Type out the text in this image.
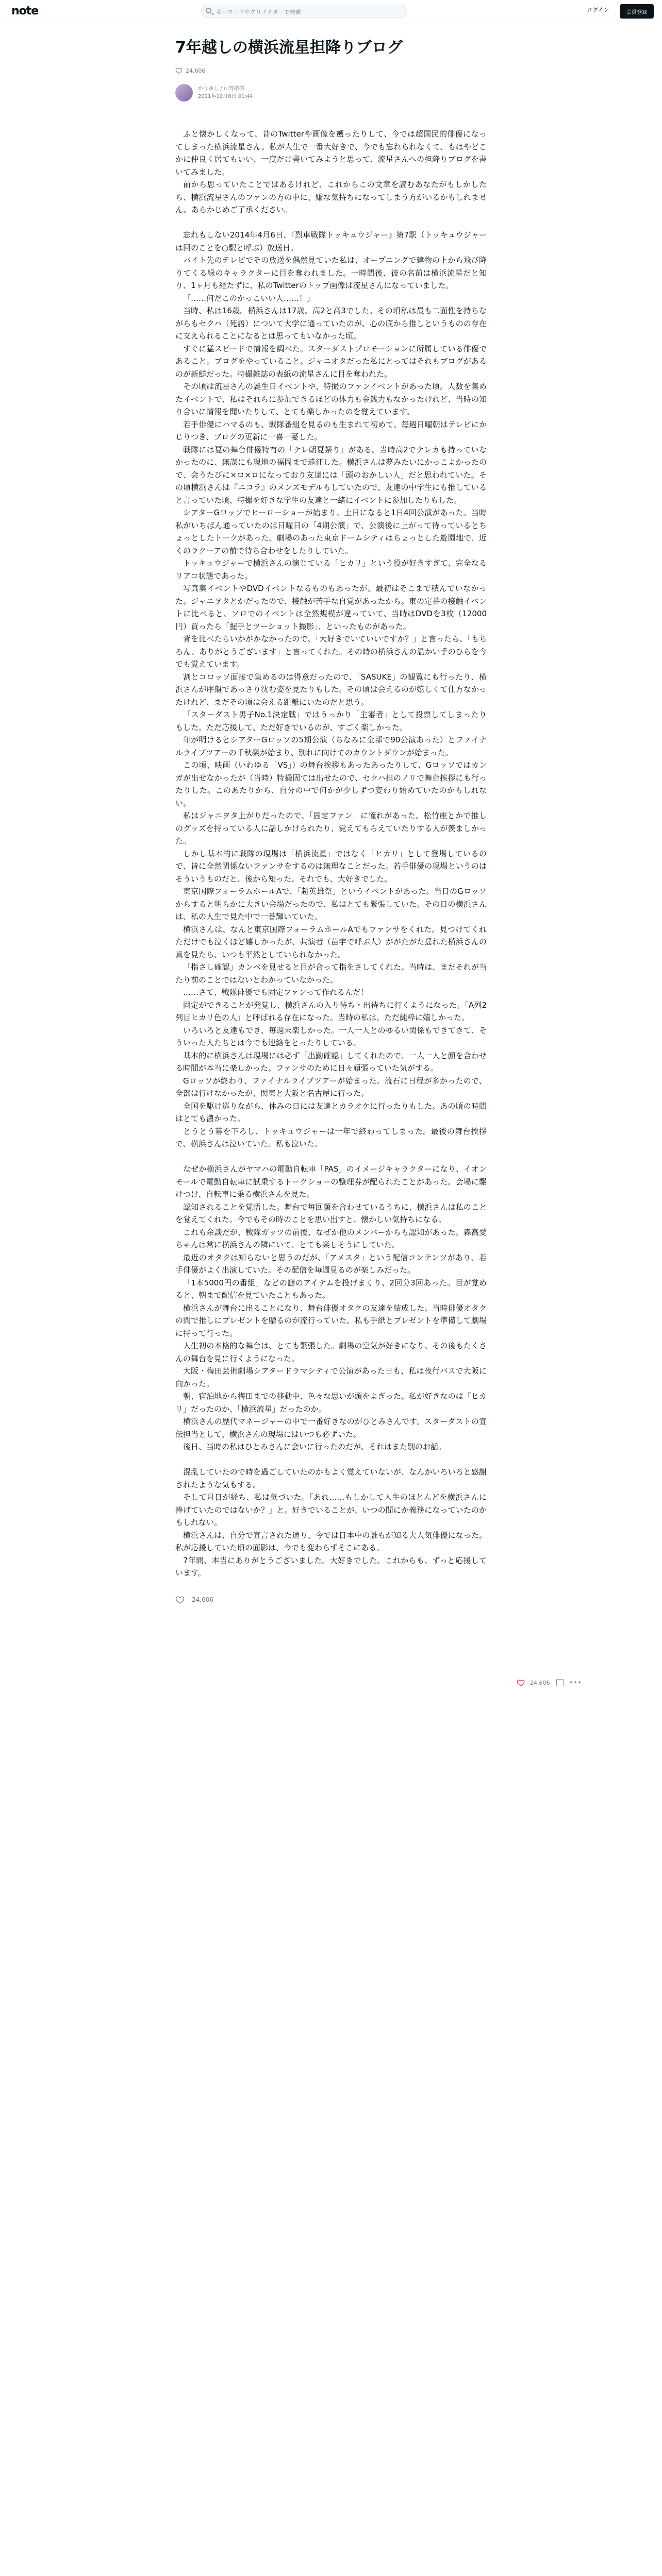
note
キーワードやクリエイターで検索	ログイン	会員登録
7年越しの横浜流星担降りブログ
24,606
かりゆし / 山野榕樹
2021年10月8日 01:44

ふと懐かしくなって、昔のTwitterや画像を遡ったりして、今では超国民的俳優になってしまった横浜流星さん。私が人生で一番大好きで、今でも忘れられなくて、もはやどこかに仲良く居てもいい、一度だけ書いてみようと思って、流星さんへの担降りブログを書いてみました。

前から思っていたことではあるけれど、これからこの文章を読むあなたがもしかしたら、横浜流星さんのファンの方の中に、嫌な気持ちになってしまう方がいるかもしれません。あらかじめご了承ください。

忘れもしない2014年4月6日、『烈車戦隊トッキュウジャー』第7駅（トッキュウジャーは回のことを○駅と呼ぶ）放送日。

バイト先のテレビでその放送を偶然見ていた私は、オープニングで建物の上から飛び降りてくる緑のキャラクターに目を奪われました。一時間後、彼の名前は横浜流星だと知り、1ヶ月も経たずに、私のTwitterのトップ画像は流星さんになっていました。

「……何だこのかっこいい人……！」

当時、私は16歳。横浜さんは17歳。高2と高3でした。その頃私は最も二面性を持ちながらもセクハ（死語）について大学に通っていたのが、心の底から推しというものの存在に支えられることになるとは思ってもいなかった頃。

すぐに猛スピードで情報を調べた。スターダストプロモーションに所属している俳優であること。ブログをやっていること。ジャニオタだった私にとってはそれもブログがあるのが新鮮だった。特撮雑誌の表紙の流星さんに目を奪われた。

その頃は流星さんの誕生日イベントや、特撮のファンイベントがあった頃。人数を集めたイベントで、私はそれらに参加できるほどの体力も金銭力もなかったけれど、当時の知り合いに情報を聞いたりして、とても楽しかったのを覚えています。

若手俳優にハマるのも、戦隊番組を見るのも生まれて初めて。毎週日曜朝はテレビにかじりつき、ブログの更新に一喜一憂した。

戦隊には夏の舞台俳優特有の「テレ朝夏祭り」がある。当時高2でテレカも持っていなかったのに、無謀にも現地の福岡まで遠征した。横浜さんは夢みたいにかっこよかったので、会うたびに×ロ×ロになっており友達には「頭のおかしい人」だと思われていた。その頃横浜さんは『ニコラ』のメンズモデルもしていたので、友達の中学生にも推していると言っていた頃、特撮を好きな学生の友達と一緒にイベントに参加したりもした。

シアターGロッソでヒーローショーが始まり、土日になると1日4回公演があった。当時私がいちばん通っていたのは日曜日の「4期公演」で、公演後に上がって待っているとちょっとしたトークがあった。劇場のあった東京ドームシティはちょっとした遊園地で、近くのラクーアの前で待ち合わせをしたりしていた。

トッキュウジャーで横浜さんの演じている「ヒカリ」という役が好きすぎて、完全なるリアコ状態であった。

写真集イベントやDVDイベントなるものもあったが、最初はそこまで積んでいなかった。ジャニヲタとかだったので、接触が苦手な自覚があったから。東の定番の接触イベントに比べると、ソロでのイベントは全然規模が違っていて、当時はDVDを3枚（12000円）買ったら「握手とツーショット撮影」、といったものがあった。

背を比べたらいかがかなかったので、「大好きでいていいですか？」と言ったら、「もちろん、ありがとうございます」と言ってくれた。その時の横浜さんの温かい手のひらを今でも覚えています。

割とコロッソ面接で集めるのは得意だったので、「SASUKE」の観覧にも行ったり、横浜さんが序盤であっさり沈む姿を見たりもした。その頃は会えるのが嬉しくて仕方なかったけれど、まだその頃は会える距離にいたのだと思う。

「スターダスト男子No.1決定戦」ではうっかり「主審者」として投票してしまったりもした。ただ応援して、ただ好きでいるのが、すごく楽しかった。

年が明けるとシアターGロッソの5期公演（ちなみに全部で90公演あった）とファイナルライブツアーの千秋楽が始まり、別れに向けてのカウントダウンが始まった。

この頃、映画（いわゆる「VS」）の舞台挨拶もあったあったりして、Gロッソではカンガが出せなかったが（当時）特撮固ては出せたので、セクハ担のノリで舞台挨拶にも行ったりした。このあたりから、自分の中で何かが少しずつ変わり始めていたのかもしれない。

私はジャニヲタ上がりだったので、「固定ファン」に憧れがあった。松竹座とかで推しのグッズを持っている人に話しかけられたり、覚えてもらえていたりする人が羨ましかった。

しかし基本的に戦隊の現場は「横浜流星」ではなく「ヒカリ」として登場しているので、皆に全然関係ないファンサをするのは無理なことだった。若手俳優の現場というのはそういうものだと、後から知った。それでも、大好きでした。

東京国際フォーラムホールAで、「超英雄祭」というイベントがあった。当日のGロッソからすると明らかに大きい会場だったので、私はとても緊張していた。その日の横浜さんは、私の人生で見た中で一番輝いていた。

横浜さんは、なんと東京国際フォーラムホールAでもファンサをくれた。見つけてくれただけでも泣くほど嬉しかったが、共演者（苗字で呼ぶ人）ががたがた揺れた横浜さんの真を見たら、いつも平然としていられなかった。

「指さし確認」カンペを見せると目が合って指をさしてくれた。当時は、まだそれが当たり前のことではないとわかっていなかった。

……さて、戦隊俳優でも固定ファンって作れるんだ！

固定ができることが発覚し、横浜さんの入り待ち・出待ちに行くようになった。「A列2列目ヒカリ色の人」と呼ばれる存在になった。当時の私は、ただ純粋に嬉しかった。

いろいろと友達もでき、毎週末楽しかった。一人一人とのゆるい関係もできてきて、そういった人たちとは今でも連絡をとったりしている。

基本的に横浜さんは現場には必ず「出勤確認」してくれたので、一人一人と顔を合わせる時間が本当に楽しかった。ファンサのために日々頑張っていた気がする。

Gロッソが終わり、ファイナルライブツアーが始まった。流石に日程が多かったので、全部は行けなかったが、関東と大阪と名古屋に行った。

全国を駆け巡りながら、休みの日には友達とカラオケに行ったりもした。あの頃の時間はとても濃かった。

とうとう幕を下ろし、トッキュウジャーは一年で終わってしまった。最後の舞台挨拶で、横浜さんは泣いていた。私も泣いた。

なぜか横浜さんがヤマハの電動自転車「PAS」のイメージキャラクターになり、イオンモールで電動自転車に試乗するトークショーの整理券が配られたことがあった。会場に駆けつけ、自転車に乗る横浜さんを見た。

認知されることを覚悟した。舞台で毎回顔を合わせているうちに、横浜さんは私のことを覚えてくれた。今でもその時のことを思い出すと、懐かしい気持ちになる。

これも余談だが、戦隊ガッツの前後、なぜか他のメンバーからも認知があった。森高愛ちゃんは常に横浜さんの隣にいて、とても楽しそうにしていた。

最近のオタクは知らないと思うのだが、「アメスタ」という配信コンテンツがあり、若手俳優がよく出演していた。その配信を毎週見るのが楽しみだった。

「1本5000円の番組」などの謎のアイテムを投げまくり、2回分3回あった。目が覚めると、朝まで配信を見ていたこともあった。

横浜さんが舞台に出ることになり、舞台俳優オタクの友達を結成した。当時俳優オタクの間で推しにプレゼントを贈るのが流行っていた。私も手紙とプレゼントを準備して劇場に持って行った。

人生初の本格的な舞台は、とても緊張した。劇場の空気が好きになり、その後もたくさんの舞台を見に行くようになった。

大阪・梅田芸術劇場シアタードラマシティで公演があった日も、私は夜行バスで大阪に向かった。

朝、宿泊地から梅田までの移動中、色々な思いが頭をよぎった。私が好きなのは「ヒカリ」だったのか、「横浜流星」だったのか。

横浜さんの歴代マネージャーの中で一番好きなのがひとみさんです。スターダストの宣伝担当として、横浜さんの現場にはいつも必ずいた。

後日、当時の私はひとみさんに会いに行ったのだが、それはまた別のお話。

混乱していたので時を過ごしていたのかもよく覚えていないが、なんかいろいろと感謝されたような気もする。

そして月日が経ち、私は気づいた。「あれ……もしかして人生のほとんどを横浜さんに捧げていたのではないか？」と。好きでいることが、いつの間にか義務になっていたのかもしれない。

横浜さんは、自分で宣言された通り、今では日本中の誰もが知る大人気俳優になった。私が応援していた頃の面影は、今でも変わらずそこにある。

7年間、本当にありがとうございました。大好きでした。これからも、ずっと応援しています。

24,606
24,606	•••
